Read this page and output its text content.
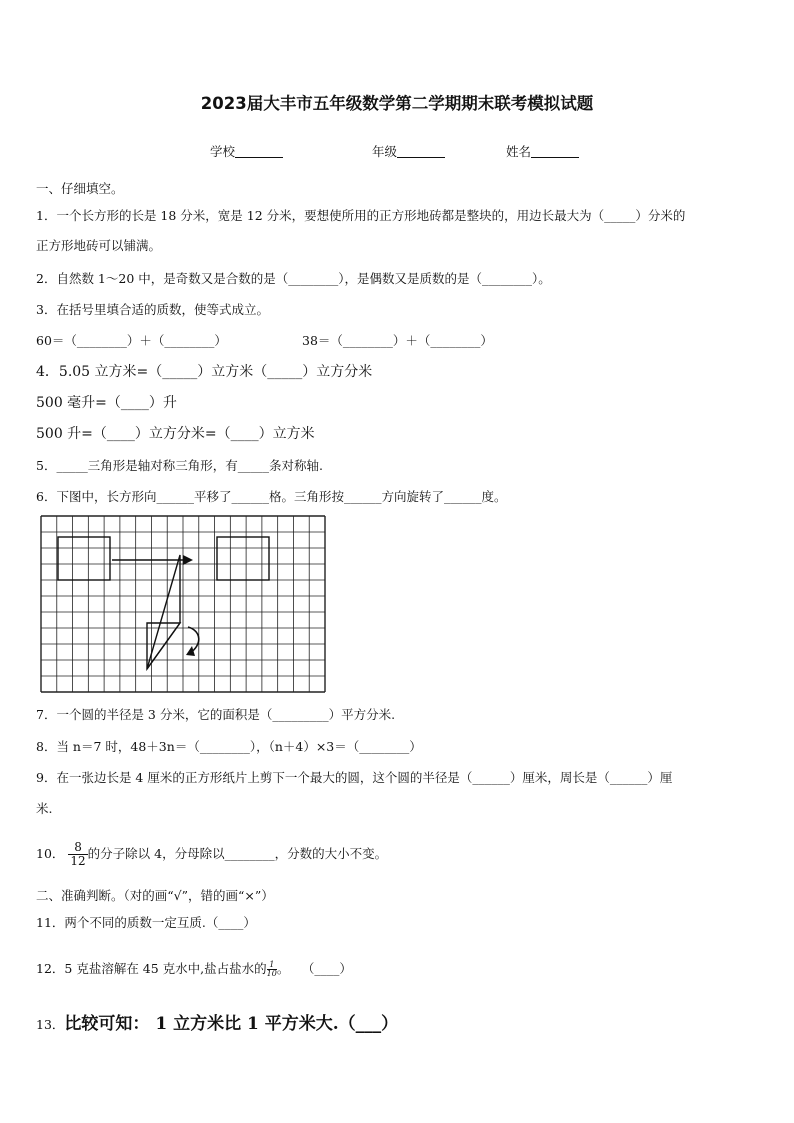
2023届大丰市五年级数学第二学期期末联考模拟试题
学校	年级	姓名
一、仔细填空。
1．一个长方形的长是 18 分米，宽是 12 分米，要想使所用的正方形地砖都是整块的，用边长最大为（_____）分米的
正方形地砖可以铺满。
2．自然数 1～20 中，是奇数又是合数的是（________），是偶数又是质数的是（________）。
3．在括号里填合适的质数，使等式成立。
60＝（________）＋（________）	38＝（________）＋（________）
4．5.05 立方米=（_____）立方米（_____）立方分米
500 毫升=（____）升
500 升=（____）立方分米=（____）立方米
5．_____三角形是轴对称三角形，有_____条对称轴.
6．下图中，长方形向______平移了______格。三角形按______方向旋转了______度。
7．一个圆的半径是 3 分米，它的面积是（_________）平方分米.
8．当 n＝7 时，48＋3n＝（________），（n＋4）×3＝（________）
9．在一张边长是 4 厘米的正方形纸片上剪下一个最大的圆，这个圆的半径是（______）厘米，周长是（______）厘
米.
10． $\frac{8}{12}$ 的分子除以 4，分母除以________，分数的大小不变。
二、准确判断。（对的画“√”，错的画“×”）
11．两个不同的质数一定互质.（____）
12．5 克盐溶解在 45 克水中,盐占盐水的 $\frac{1}{10}$ 。　　（____）
13．比较可知： 1 立方米比 1 平方米大.（___）
